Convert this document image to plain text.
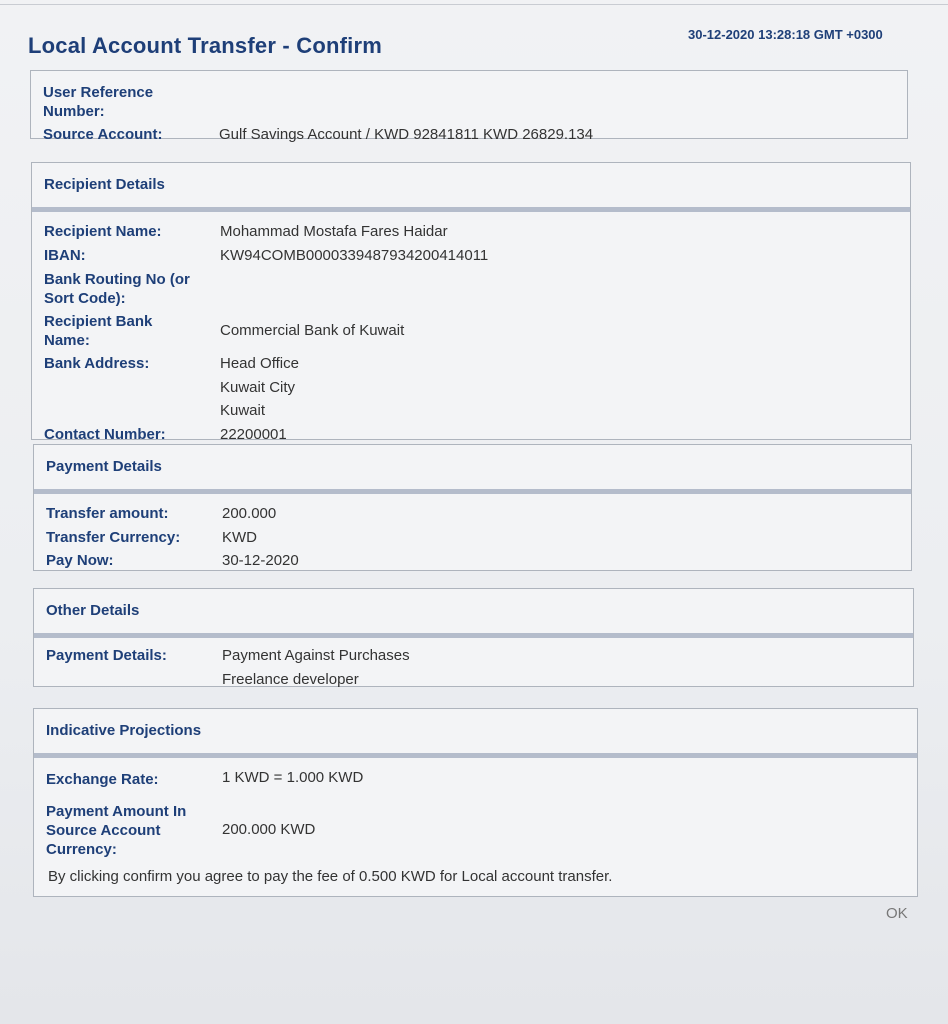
Local Account Transfer - Confirm	30-12-2020 13:28:18 GMT +0300
User Reference Number:
Source Account:	Gulf Savings Account / KWD 92841811 KWD 26829.134
Recipient Details
Recipient Name:	Mohammad Mostafa Fares Haidar
IBAN:	KW94COMB0000339487934200414011
Bank Routing No (or Sort Code):
Recipient Bank Name:
Commercial Bank of Kuwait
Bank Address:	Head Office
Kuwait City
Kuwait
Contact Number:	22200001
Payment Details
Transfer amount:	200.000
Transfer Currency:	KWD
Pay Now:	30-12-2020
Other Details
Payment Details:	Payment Against Purchases
Freelance developer
Indicative Projections
Exchange Rate:	1 KWD = 1.000 KWD
Payment Amount In Source Account Currency:
200.000 KWD
By clicking confirm you agree to pay the fee of 0.500 KWD for Local account transfer.
OK
